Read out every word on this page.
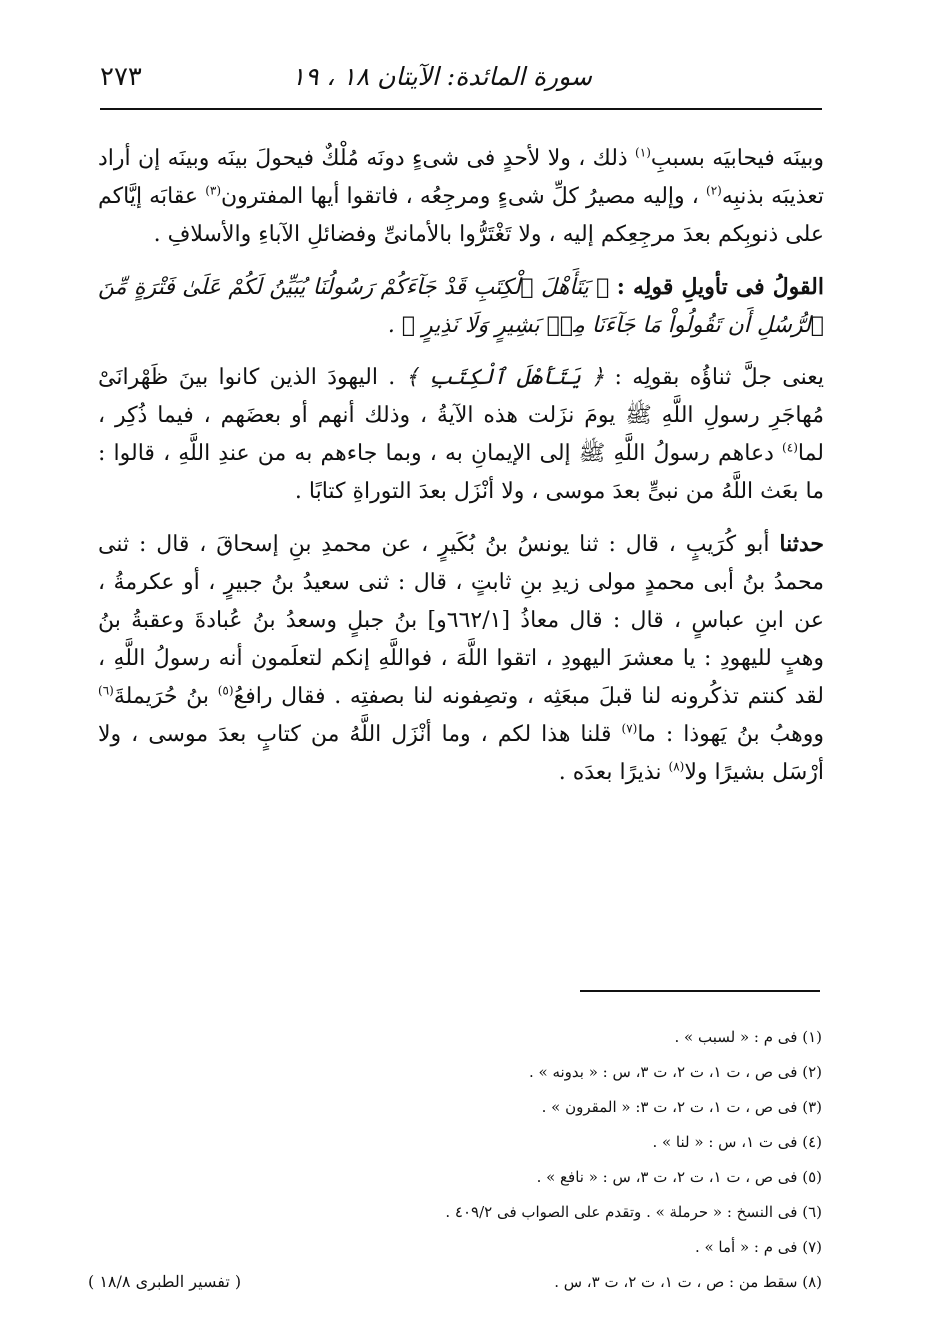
سورة المائدة: الآيتان ١٨ ، ١٩
٢٧٣

وبينَه فيحابيَه بسببِ$^{(١)}$ ذلك ، ولا لأحدٍ فى شىءٍ دونَه مُلْكٌ فيحولَ بينَه وبينَه إن أراد تعذيبَه بذنبِه$^{(٢)}$ ، وإليه مصيرُ كلِّ شىءٍ ومرجِعُه ، فاتقوا أيها المفترون$^{(٣)}$ عقابَه إيَّاكم على ذنوبِكم بعدَ مرجِعِكم إليه ، ولا تَغْتَرُّوا بالأمانىِّ وفضائلِ الآباءِ والأسلافِ .

القولُ فى تأويلِ قولِه : ﴿ يَتَأَهْلَ ٱلْكِتَبِ قَدْ جَآءَكُمْ رَسُولُنَا يُبَيِّنُ لَكُمْ عَلَىٰ فَتْرَةٍ مِّنَ ٱلرُّسُلِ أَن تَقُولُواْ مَا جَآءَنَا مِنۢ بَشِيرٍ وَلَا نَذِيرٍ ﴾ .

يعنى جلَّ ثناؤُه بقولِه : ﴿ يَتَأَهْلَ ٱلْكِتَبِ ﴾ . اليهودَ الذين كانوا بينَ ظَهْرانَىْ مُهاجَرِ رسولِ اللَّهِ ﷺ يومَ نزَلت هذه الآيةُ ، وذلك أنهم أو بعضَهم ، فيما ذُكِر ، لما$^{(٤)}$ دعاهم رسولُ اللَّهِ ﷺ إلى الإيمانِ به ، وبما جاءهم به من عندِ اللَّهِ ، قالوا : ما بعَث اللَّهُ من نبىٍّ بعدَ موسى ، ولا أنْزَل بعدَ التوراةِ كتابًا .

حدثنا أبو كُرَيبٍ ، قال : ثنا يونسُ بنُ بُكَيرٍ ، عن محمدِ بنِ إسحاقَ ، قال : ثنى محمدُ بنُ أبى محمدٍ مولى زيدِ بنِ ثابتٍ ، قال : ثنى سعيدُ بنُ جبيرٍ ، أو عكرمةُ ، عن ابنِ عباسٍ ، قال : قال معاذُ [٦٦٢/١و] بنُ جبلٍ وسعدُ بنُ عُبادةَ وعقبةُ بنُ وهبٍ لليهودِ : يا معشرَ اليهودِ ، اتقوا اللَّهَ ، فواللَّهِ إنكم لتعلَمون أنه رسولُ اللَّهِ ، لقد كنتم تذكُرونه لنا قبلَ مبعَثِه ، وتصِفونه لنا بصفتِه . فقال رافعُ$^{(٥)}$ بنُ حُرَيملةَ$^{(٦)}$ ووهبُ بنُ يَهوذا : ما$^{(٧)}$ قلنا هذا لكم ، وما أنْزَل اللَّهُ من كتابٍ بعدَ موسى ، ولا أرْسَل بشيرًا ولا$^{(٨)}$ نذيرًا بعدَه .

(١) فى م : « لسبب » .
(٢) فى ص ، ت ١، ت ٢، ت ٣، س : « بدونه » .
(٣) فى ص ، ت ١، ت ٢، ت ٣: « المقرون » .
(٤) فى ت ١، س : « لنا » .
(٥) فى ص ، ت ١، ت ٢، ت ٣، س : « نافع » .
(٦) فى النسخ : « حرملة » . وتقدم على الصواب فى ٤٠٩/٢ .
(٧) فى م : « أما » .
(٨) سقط من : ص ، ت ١، ت ٢، ت ٣، س .
( تفسير الطبرى ١٨/٨ )
